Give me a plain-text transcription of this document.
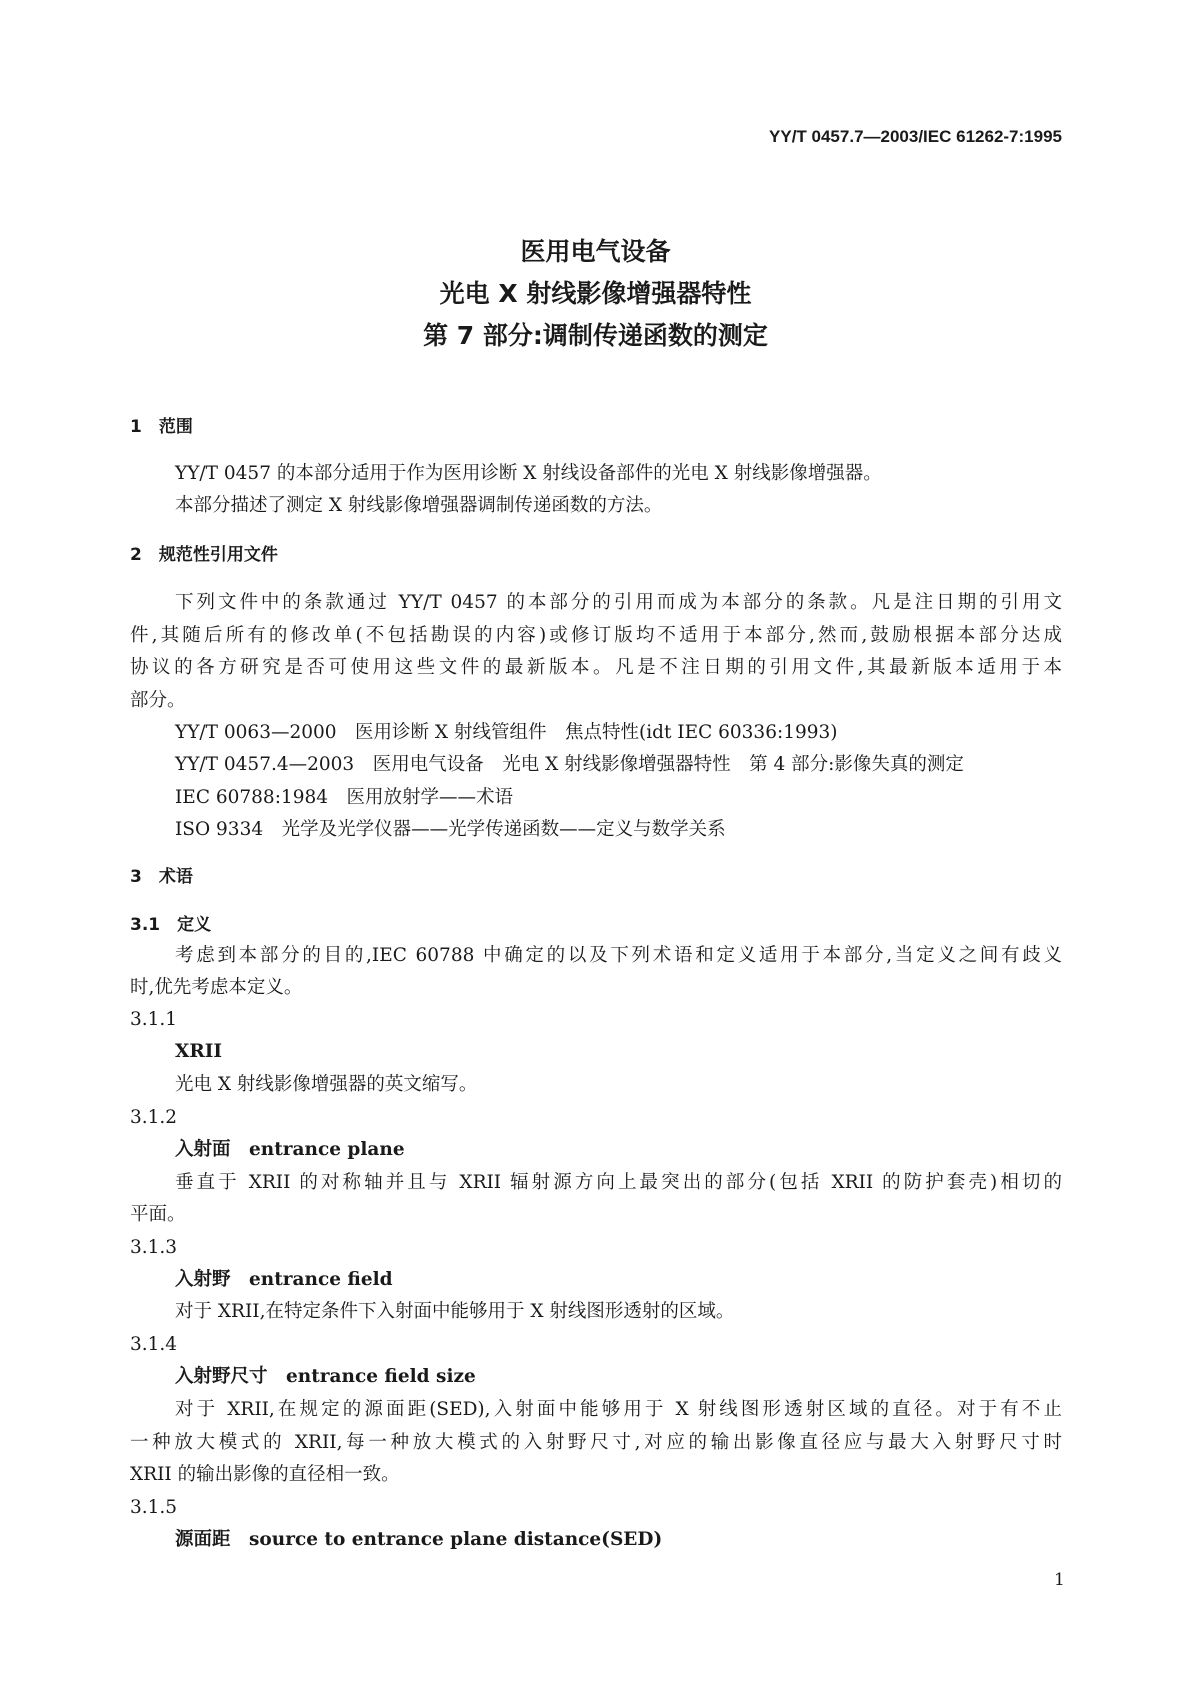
YY/T 0457.7—2003/IEC 61262-7:1995
医用电气设备
光电 X 射线影像增强器特性
第 7 部分:调制传递函数的测定
1　范围
YY/T 0457 的本部分适用于作为医用诊断 X 射线设备部件的光电 X 射线影像增强器。
本部分描述了测定 X 射线影像增强器调制传递函数的方法。
2　规范性引用文件
下列文件中的条款通过 YY/T 0457 的本部分的引用而成为本部分的条款。凡是注日期的引用文
件,其随后所有的修改单(不包括勘误的内容)或修订版均不适用于本部分,然而,鼓励根据本部分达成
协议的各方研究是否可使用这些文件的最新版本。凡是不注日期的引用文件,其最新版本适用于本
部分。
YY/T 0063—2000　医用诊断 X 射线管组件　焦点特性(idt IEC 60336:1993)
YY/T 0457.4—2003　医用电气设备　光电 X 射线影像增强器特性　第 4 部分:影像失真的测定
IEC 60788:1984　医用放射学——术语
ISO 9334　光学及光学仪器——光学传递函数——定义与数学关系
3　术语
3.1　定义
考虑到本部分的目的,IEC 60788 中确定的以及下列术语和定义适用于本部分,当定义之间有歧义
时,优先考虑本定义。
3.1.1
XRII
光电 X 射线影像增强器的英文缩写。
3.1.2
入射面　entrance plane
垂直于 XRII 的对称轴并且与 XRII 辐射源方向上最突出的部分(包括 XRII 的防护套壳)相切的
平面。
3.1.3
入射野　entrance field
对于 XRII,在特定条件下入射面中能够用于 X 射线图形透射的区域。
3.1.4
入射野尺寸　entrance field size
对于 XRII,在规定的源面距(SED),入射面中能够用于 X 射线图形透射区域的直径。对于有不止
一种放大模式的 XRII,每一种放大模式的入射野尺寸,对应的输出影像直径应与最大入射野尺寸时
XRII 的输出影像的直径相一致。
3.1.5
源面距　source to entrance plane distance(SED)
1
